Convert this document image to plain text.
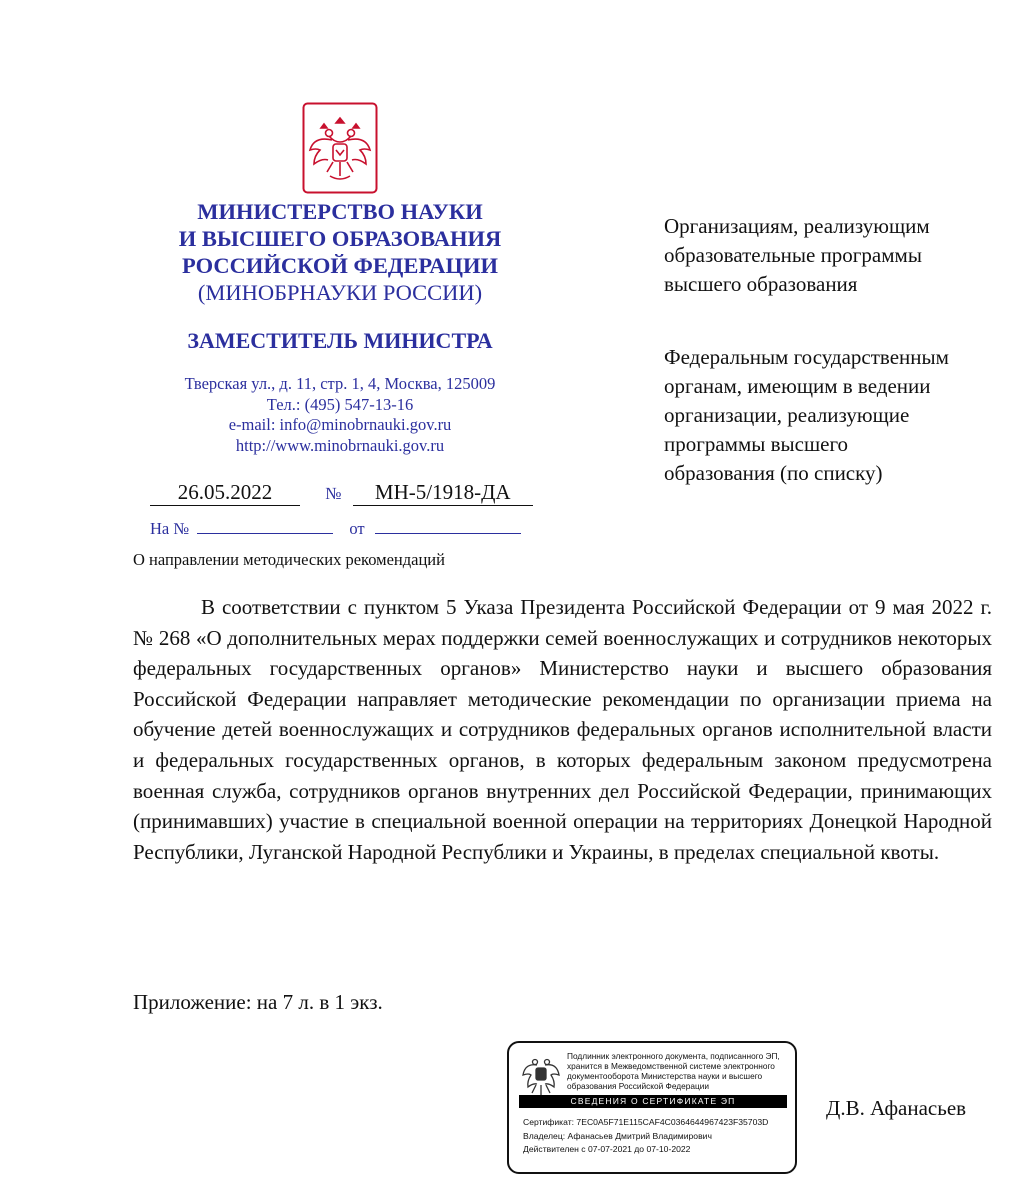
МИНИСТЕРСТВО НАУКИ
И ВЫСШЕГО ОБРАЗОВАНИЯ
РОССИЙСКОЙ ФЕДЕРАЦИИ
(МИНОБРНАУКИ РОССИИ)
ЗАМЕСТИТЕЛЬ МИНИСТРА
Тверская ул., д. 11, стр. 1, 4, Москва, 125009
Тел.: (495) 547-13-16
e-mail: info@minobrnauki.gov.ru
http://www.minobrnauki.gov.ru
26.05.2022	№ МН-5/1918-ДА
На №	от
О направлении методических рекомендаций
Организациям, реализующим образовательные программы высшего образования
Федеральным государственным органам, имеющим в ведении организации, реализующие программы высшего образования (по списку)
В соответствии с пунктом 5 Указа Президента Российской Федерации от 9 мая 2022 г. № 268 «О дополнительных мерах поддержки семей военнослужащих и сотрудников некоторых федеральных государственных органов» Министерство науки и высшего образования Российской Федерации направляет методические рекомендации по организации приема на обучение детей военнослужащих и сотрудников федеральных органов исполнительной власти и федеральных государственных органов, в которых федеральным законом предусмотрена военная служба, сотрудников органов внутренних дел Российской Федерации, принимающих (принимавших) участие в специальной военной операции на территориях Донецкой Народной Республики, Луганской Народной Республики и Украины, в пределах специальной квоты.
Приложение: на 7 л. в 1 экз.
Подлинник электронного документа, подписанного ЭП, хранится в Межведомственной системе электронного документооборота Министерства науки и высшего образования Российской Федерации
СВЕДЕНИЯ О СЕРТИФИКАТЕ ЭП
Сертификат: 7EC0A5F71E115CAF4C0364644967423F35703D
Владелец: Афанасьев Дмитрий Владимирович
Действителен с 07-07-2021 до 07-10-2022
Д.В. Афанасьев
